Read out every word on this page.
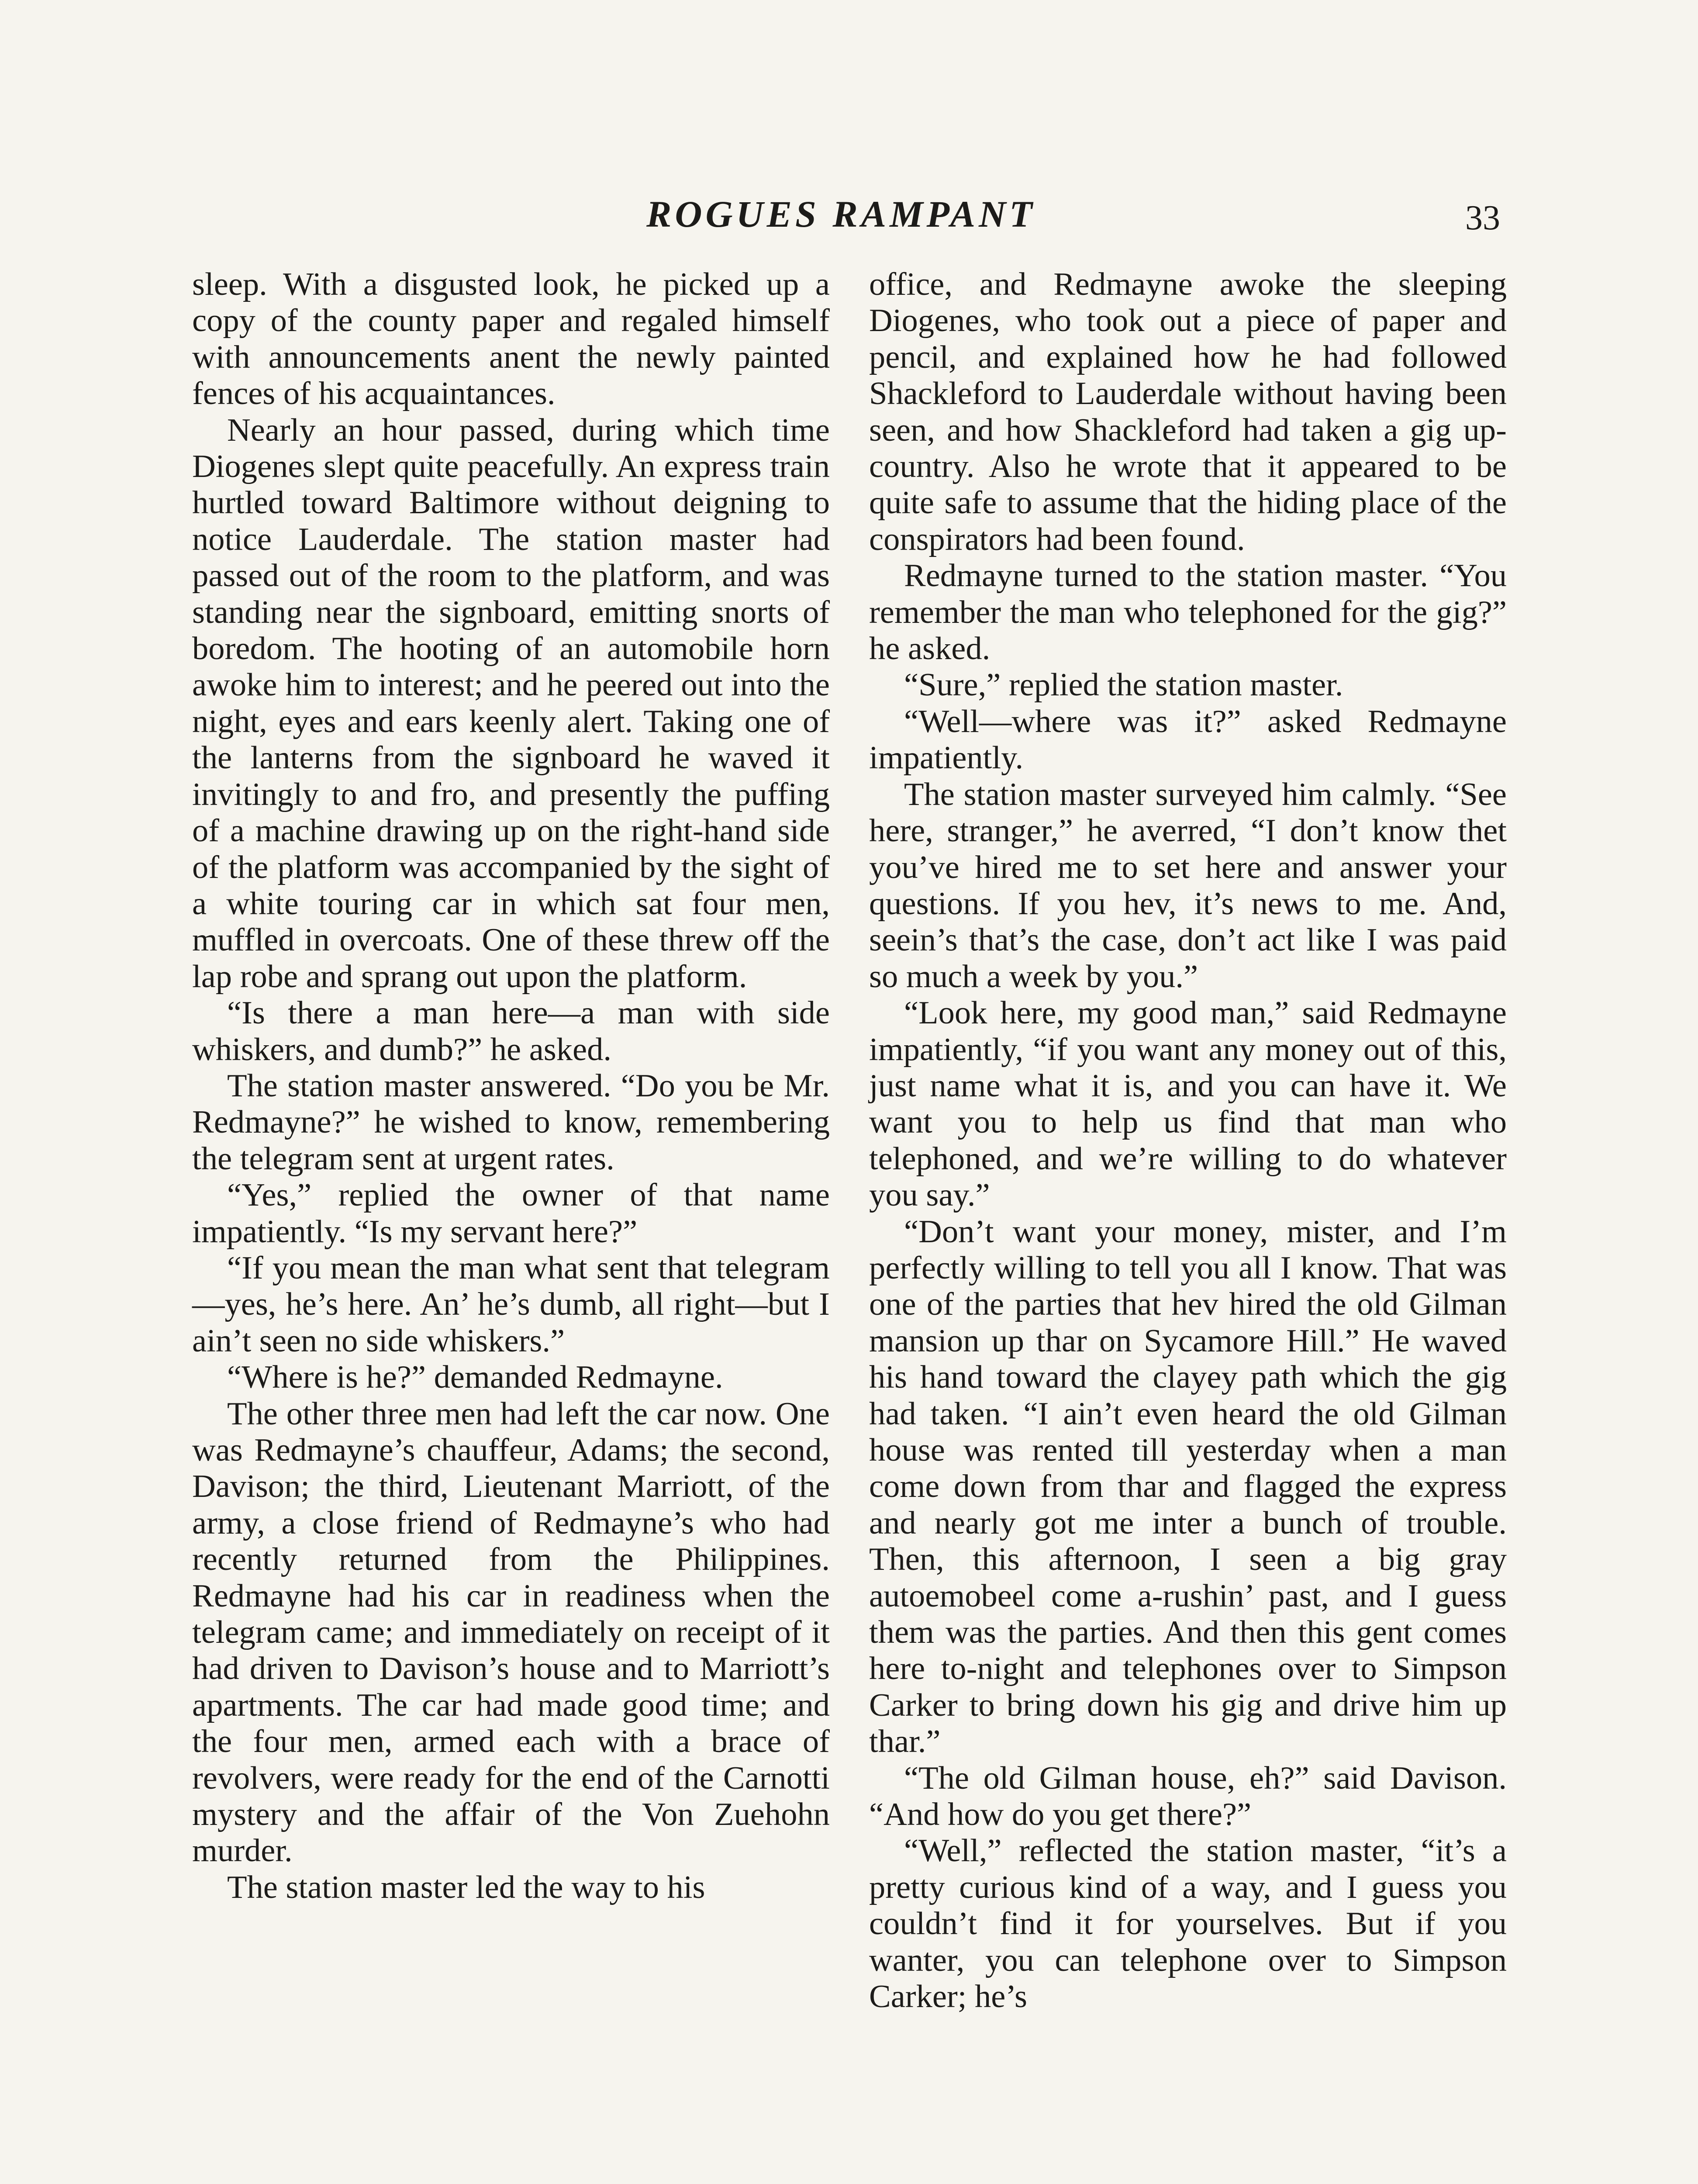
ROGUES RAMPANT	33

sleep. With a disgusted look, he picked up a copy of the county paper and regaled himself with announcements anent the newly painted fences of his acquaintances.

Nearly an hour passed, during which time Diogenes slept quite peacefully. An express train hurtled toward Baltimore without deigning to notice Lauderdale. The station master had passed out of the room to the platform, and was standing near the signboard, emitting snorts of boredom. The hooting of an automobile horn awoke him to interest; and he peered out into the night, eyes and ears keenly alert. Taking one of the lanterns from the signboard he waved it invitingly to and fro, and presently the puffing of a machine drawing up on the right-hand side of the platform was accompanied by the sight of a white touring car in which sat four men, muffled in overcoats. One of these threw off the lap robe and sprang out upon the platform.

“Is there a man here—a man with side whiskers, and dumb?” he asked.

The station master answered. “Do you be Mr. Redmayne?” he wished to know, remembering the telegram sent at urgent rates.

“Yes,” replied the owner of that name impatiently. “Is my servant here?”

“If you mean the man what sent that telegram—yes, he’s here. An’ he’s dumb, all right—but I ain’t seen no side whiskers.”

“Where is he?” demanded Redmayne.

The other three men had left the car now. One was Redmayne’s chauffeur, Adams; the second, Davison; the third, Lieutenant Marriott, of the army, a close friend of Redmayne’s who had recently returned from the Philippines. Redmayne had his car in readiness when the telegram came; and immediately on receipt of it had driven to Davison’s house and to Marriott’s apartments. The car had made good time; and the four men, armed each with a brace of revolvers, were ready for the end of the Carnotti mystery and the affair of the Von Zuehohn murder.

The station master led the way to his

office, and Redmayne awoke the sleeping Diogenes, who took out a piece of paper and pencil, and explained how he had followed Shackleford to Lauderdale without having been seen, and how Shackleford had taken a gig up-country. Also he wrote that it appeared to be quite safe to assume that the hiding place of the conspirators had been found.

Redmayne turned to the station master. “You remember the man who telephoned for the gig?” he asked.

“Sure,” replied the station master.

“Well—where was it?” asked Redmayne impatiently.

The station master surveyed him calmly. “See here, stranger,” he averred, “I don’t know thet you’ve hired me to set here and answer your questions. If you hev, it’s news to me. And, seein’s that’s the case, don’t act like I was paid so much a week by you.”

“Look here, my good man,” said Redmayne impatiently, “if you want any money out of this, just name what it is, and you can have it. We want you to help us find that man who telephoned, and we’re willing to do whatever you say.”

“Don’t want your money, mister, and I’m perfectly willing to tell you all I know. That was one of the parties that hev hired the old Gilman mansion up thar on Sycamore Hill.” He waved his hand toward the clayey path which the gig had taken. “I ain’t even heard the old Gilman house was rented till yesterday when a man come down from thar and flagged the express and nearly got me inter a bunch of trouble. Then, this afternoon, I seen a big gray autoemobeel come a-rushin’ past, and I guess them was the parties. And then this gent comes here to-night and telephones over to Simpson Carker to bring down his gig and drive him up thar.”

“The old Gilman house, eh?” said Davison. “And how do you get there?”

“Well,” reflected the station master, “it’s a pretty curious kind of a way, and I guess you couldn’t find it for yourselves. But if you wanter, you can telephone over to Simpson Carker; he’s
